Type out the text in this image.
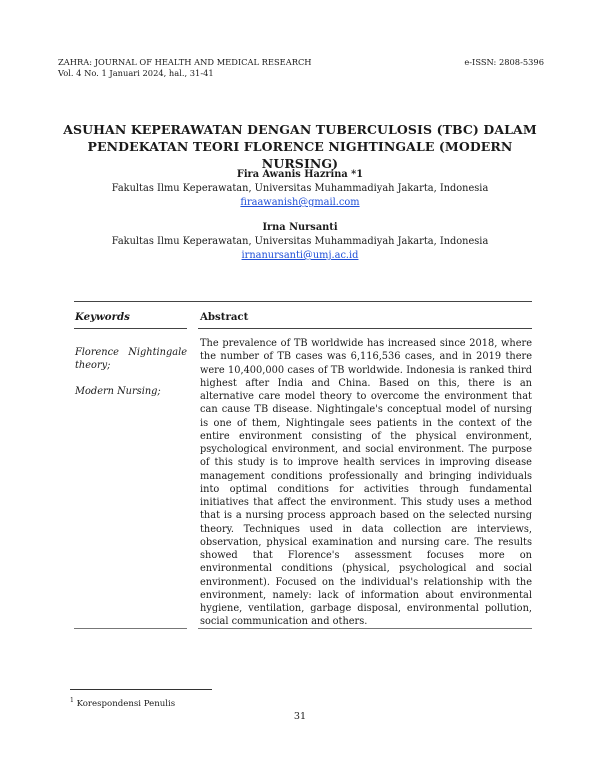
ZAHRA: JOURNAL OF HEALTH AND MEDICAL RESEARCH
Vol. 4 No. 1 Januari 2024, hal., 31-41
e-ISSN: 2808-5396
ASUHAN KEPERAWATAN DENGAN TUBERCULOSIS (TBC) DALAM
PENDEKATAN TEORI FLORENCE NIGHTINGALE (MODERN NURSING)
Fira Awanis Hazrina *1
Fakultas Ilmu Keperawatan, Universitas Muhammadiyah Jakarta, Indonesia
firaawanish@gmail.com
Irna Nursanti
Fakultas Ilmu Keperawatan, Universitas Muhammadiyah Jakarta, Indonesia
irnanursanti@umj.ac.id
Keywords	Abstract
Florence Nightingale theory;
Modern Nursing;
The prevalence of TB worldwide has increased since 2018, where the number of TB cases was 6,116,536 cases, and in 2019 there were 10,400,000 cases of TB worldwide. Indonesia is ranked third highest after India and China. Based on this, there is an alternative care model theory to overcome the environment that can cause TB disease. Nightingale's conceptual model of nursing is one of them, Nightingale sees patients in the context of the entire environment consisting of the physical environment, psychological environment, and social environment. The purpose of this study is to improve health services in improving disease management conditions professionally and bringing individuals into optimal conditions for activities through fundamental initiatives that affect the environment. This study uses a method that is a nursing process approach based on the selected nursing theory. Techniques used in data collection are interviews, observation, physical examination and nursing care. The results showed that Florence's assessment focuses more on environmental conditions (physical, psychological and social environment). Focused on the individual's relationship with the environment, namely: lack of information about environmental hygiene, ventilation, garbage disposal, environmental pollution, social communication and others.
$^1$ Korespondensi Penulis
31
